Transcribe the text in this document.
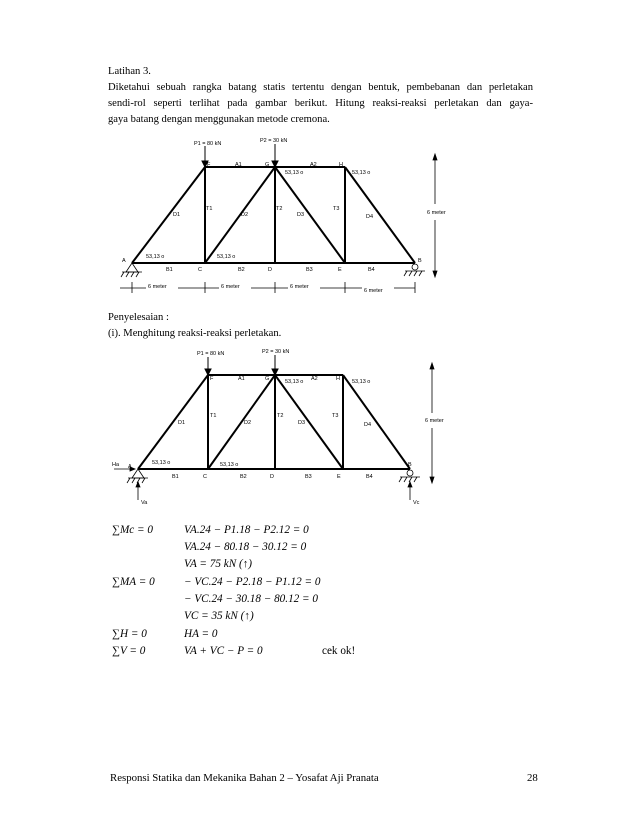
Latihan 3.
Diketahui sebuah rangka batang statis tertentu dengan bentuk, pembebanan dan perletakan
sendi-rol seperti terlihat pada gambar berikut. Hitung reaksi-reaksi perletakan dan gaya-
gaya batang dengan menggunakan metode cremona.
P1 = 80 kN	P2 = 30 kN
A	B
C	D	E
F	G	H
A1	A2
B1	B2	B3	B4
D1	D2	D3	D4
T1	T2	T3
53,13 o	53,13 o
53,13 o	53,13 o
6 meter
6 meter	6 meter	6 meter
6 meter
Penyelesaian :
(i). Menghitung reaksi-reaksi perletakan.
P1 = 80 kN	P2 = 30 kN
Ha
Va	Vc
A	B
C	D	E
F	G	H
A1	A2
B1	B2	B3	B4
D1	D2	D3	D4
T1	T2	T3
53,13 o	53,13 o
53,13 o	53,13 o
6 meter
∑Mc = 0	VA.24 − P1.18 − P2.12 = 0
VA.24 − 80.18 − 30.12 = 0
VA = 75 kN (↑)
∑MA = 0	− VC.24 − P2.18 − P1.12 = 0
− VC.24 − 30.18 − 80.12 = 0
VC = 35 kN (↑)
∑H = 0	HA = 0
∑V = 0	VA + VC − P = 0	cek ok!
Responsi Statika dan Mekanika Bahan 2 – Yosafat Aji Pranata	28
